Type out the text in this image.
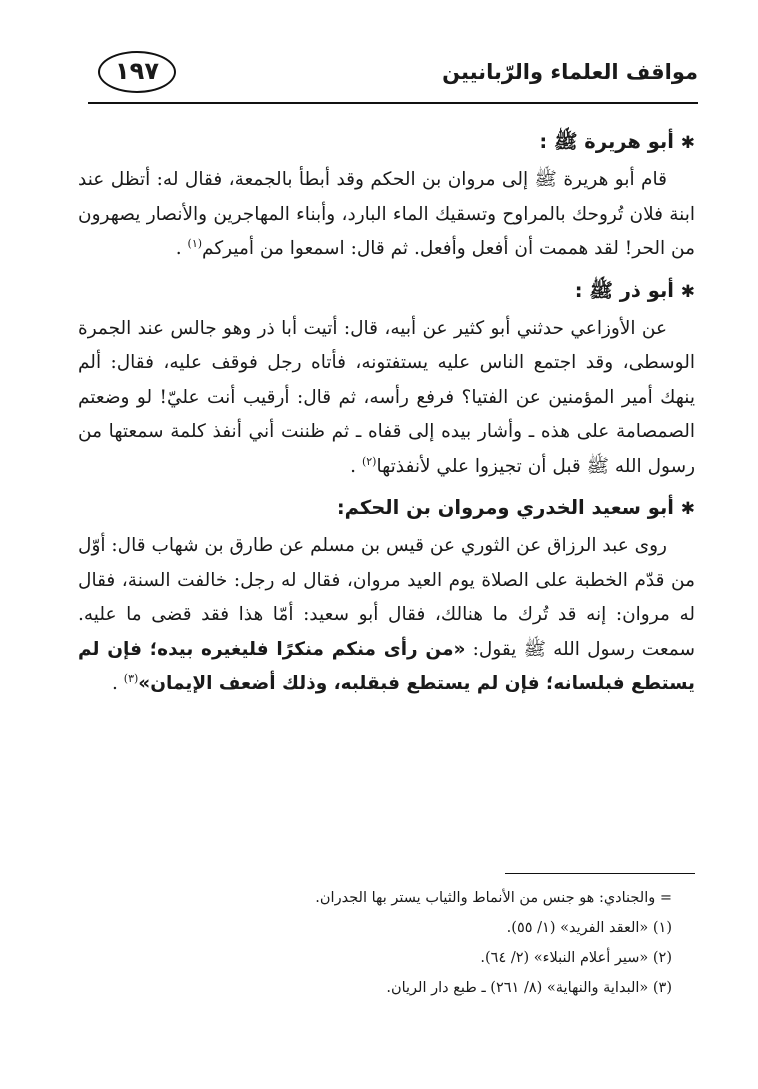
مواقف العلماء والرّبانيين
١٩٧
✱ أبو هريرة ﷺ :

قام أبو هريرة ﷺ إلى مروان بن الحكم وقد أبطأ بالجمعة، فقال له: أتظل عند ابنة فلان تُروحك بالمراوح وتسقيك الماء البارد، وأبناء المهاجرين والأنصار يصهرون من الحر! لقد هممت أن أفعل وأفعل. ثم قال: اسمعوا من أميركم$^{(١)}$ .

✱ أبو ذر ﷺ :

عن الأوزاعي حدثني أبو كثير عن أبيه، قال: أتيت أبا ذر وهو جالس عند الجمرة الوسطى، وقد اجتمع الناس عليه يستفتونه، فأتاه رجل فوقف عليه، فقال: ألم ينهك أمير المؤمنين عن الفتيا؟ فرفع رأسه، ثم قال: أرقيب أنت عليّ! لو وضعتم الصمصامة على هذه ـ وأشار بيده إلى قفاه ـ ثم ظننت أني أنفذ كلمة سمعتها من رسول الله ﷺ قبل أن تجيزوا علي لأنفذتها$^{(٢)}$ .

✱ أبو سعيد الخدري ومروان بن الحكم:

روى عبد الرزاق عن الثوري عن قيس بن مسلم عن طارق بن شهاب قال: أوّل من قدّم الخطبة على الصلاة يوم العيد مروان، فقال له رجل: خالفت السنة، فقال له مروان: إنه قد تُرك ما هنالك، فقال أبو سعيد: أمّا هذا فقد قضى ما عليه. سمعت رسول الله ﷺ يقول: «من رأى منكم منكرًا فليغيره بيده؛ فإن لم يستطع فبلسانه؛ فإن لم يستطع فبقلبه، وذلك أضعف الإيمان»$^{(٣)}$ .

= والجنادي: هو جنس من الأنماط والثياب يستر بها الجدران.

(١) «العقد الفريد» (١/ ٥٥).

(٢) «سير أعلام النبلاء» (٢/ ٦٤).

(٣) «البداية والنهاية» (٨/ ٢٦١) ـ طبع دار الريان.
